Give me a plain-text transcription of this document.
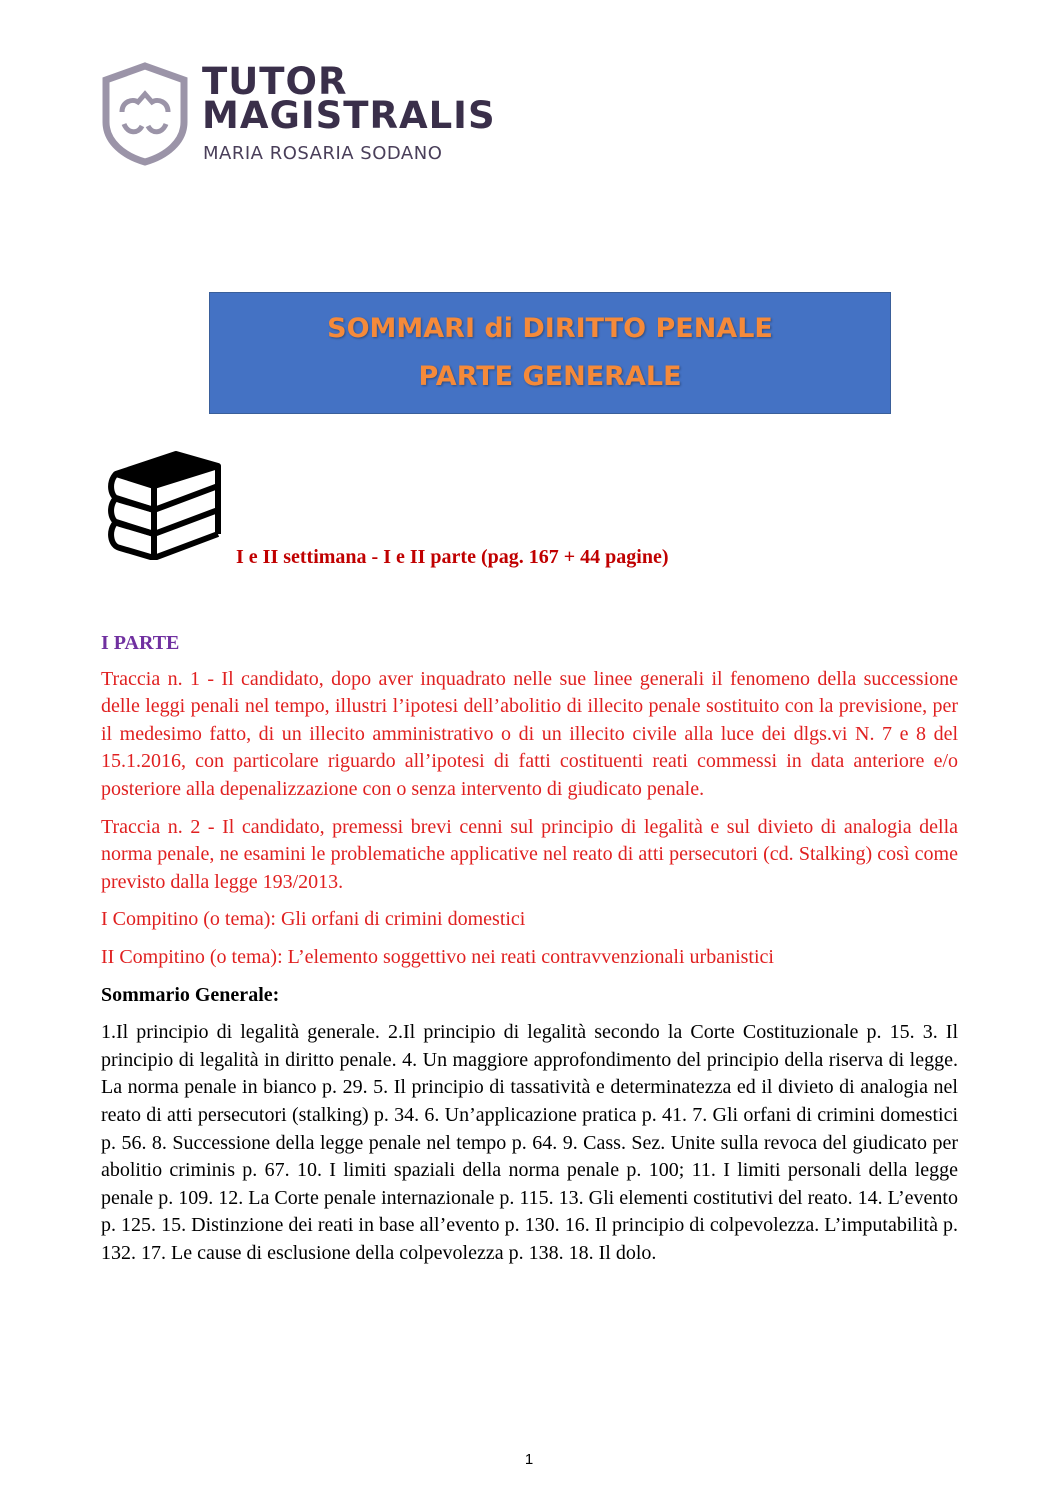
TUTOR
MAGISTRALIS
MARIA ROSARIA SODANO
SOMMARI di DIRITTO PENALE
PARTE GENERALE
I e II settimana - I e II parte (pag. 167 + 44 pagine)
I PARTE

Traccia n. 1 - Il candidato, dopo aver inquadrato nelle sue linee generali il fenomeno della successione delle leggi penali nel tempo, illustri l’ipotesi dell’abolitio di illecito penale sostituito con la previsione, per il medesimo fatto, di un illecito amministrativo o di un illecito civile alla luce dei dlgs.vi N. 7 e 8 del 15.1.2016, con particolare riguardo all’ipotesi di fatti costituenti reati commessi in data anteriore e/o posteriore alla depenalizzazione con o senza intervento di giudicato penale.

Traccia n. 2 - Il candidato, premessi brevi cenni sul principio di legalità e sul divieto di analogia della norma penale, ne esamini le problematiche applicative nel reato di atti persecutori (cd. Stalking) così come previsto dalla legge 193/2013.

I Compitino (o tema): Gli orfani di crimini domestici

II Compitino (o tema): L’elemento soggettivo nei reati contravvenzionali urbanistici

Sommario Generale:

1.Il principio di legalità generale. 2.Il principio di legalità secondo la Corte Costituzionale p. 15. 3. Il principio di legalità in diritto penale. 4. Un maggiore approfondimento del principio della riserva di legge. La norma penale in bianco p. 29. 5. Il principio di tassatività e determinatezza ed il divieto di analogia nel reato di atti persecutori (stalking) p. 34. 6. Un’applicazione pratica p. 41. 7. Gli orfani di crimini domestici p. 56. 8. Successione della legge penale nel tempo p. 64. 9. Cass. Sez. Unite sulla revoca del giudicato per abolitio criminis p. 67. 10. I limiti spaziali della norma penale p. 100; 11. I limiti personali della legge penale p. 109. 12. La Corte penale internazionale p. 115. 13. Gli elementi costitutivi del reato. 14. L’evento p. 125. 15. Distinzione dei reati in base all’evento p. 130. 16. Il principio di colpevolezza. L’imputabilità p. 132. 17. Le cause di esclusione della colpevolezza p. 138. 18. Il dolo.

1
